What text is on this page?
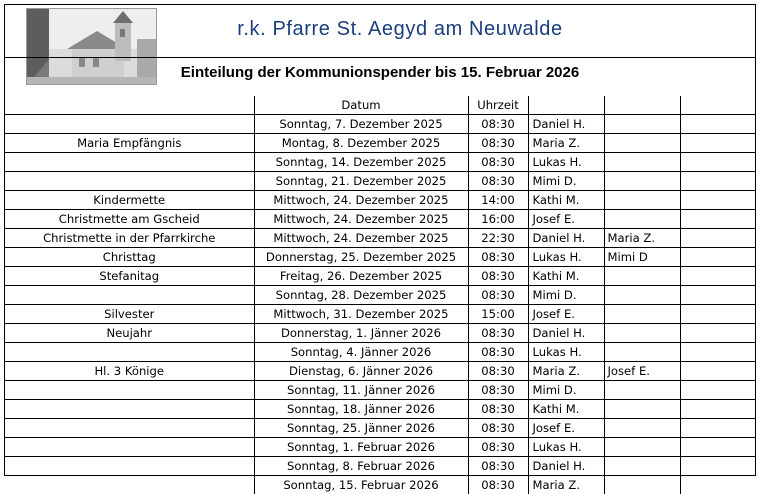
r.k. Pfarre St. Aegyd am Neuwalde
Einteilung der Kommunionspender bis 15. Februar 2026
	Datum	Uhrzeit			
	Sonntag, 7. Dezember 2025	08:30	Daniel H.		
Maria Empfängnis	Montag, 8. Dezember 2025	08:30	Maria Z.		
	Sonntag, 14. Dezember 2025	08:30	Lukas H.		
	Sonntag, 21. Dezember 2025	08:30	Mimi D.		
Kindermette	Mittwoch, 24. Dezember 2025	14:00	Kathi M.		
Christmette am Gscheid	Mittwoch, 24. Dezember 2025	16:00	Josef E.		
Christmette in der Pfarrkirche	Mittwoch, 24. Dezember 2025	22:30	Daniel H.	Maria Z.	
Christtag	Donnerstag, 25. Dezember 2025	08:30	Lukas H.	Mimi D	
Stefanitag	Freitag, 26. Dezember 2025	08:30	Kathi M.		
	Sonntag, 28. Dezember 2025	08:30	Mimi D.		
Silvester	Mittwoch, 31. Dezember 2025	15:00	Josef E.		
Neujahr	Donnerstag, 1. Jänner 2026	08:30	Daniel H.		
	Sonntag, 4. Jänner 2026	08:30	Lukas H.		
Hl. 3 Könige	Dienstag, 6. Jänner 2026	08:30	Maria Z.	Josef E.	
	Sonntag, 11. Jänner 2026	08:30	Mimi D.		
	Sonntag, 18. Jänner 2026	08:30	Kathi M.		
	Sonntag, 25. Jänner 2026	08:30	Josef E.		
	Sonntag, 1. Februar 2026	08:30	Lukas H.		
	Sonntag, 8. Februar 2026	08:30	Daniel H.		
	Sonntag, 15. Februar 2026	08:30	Maria Z.		
